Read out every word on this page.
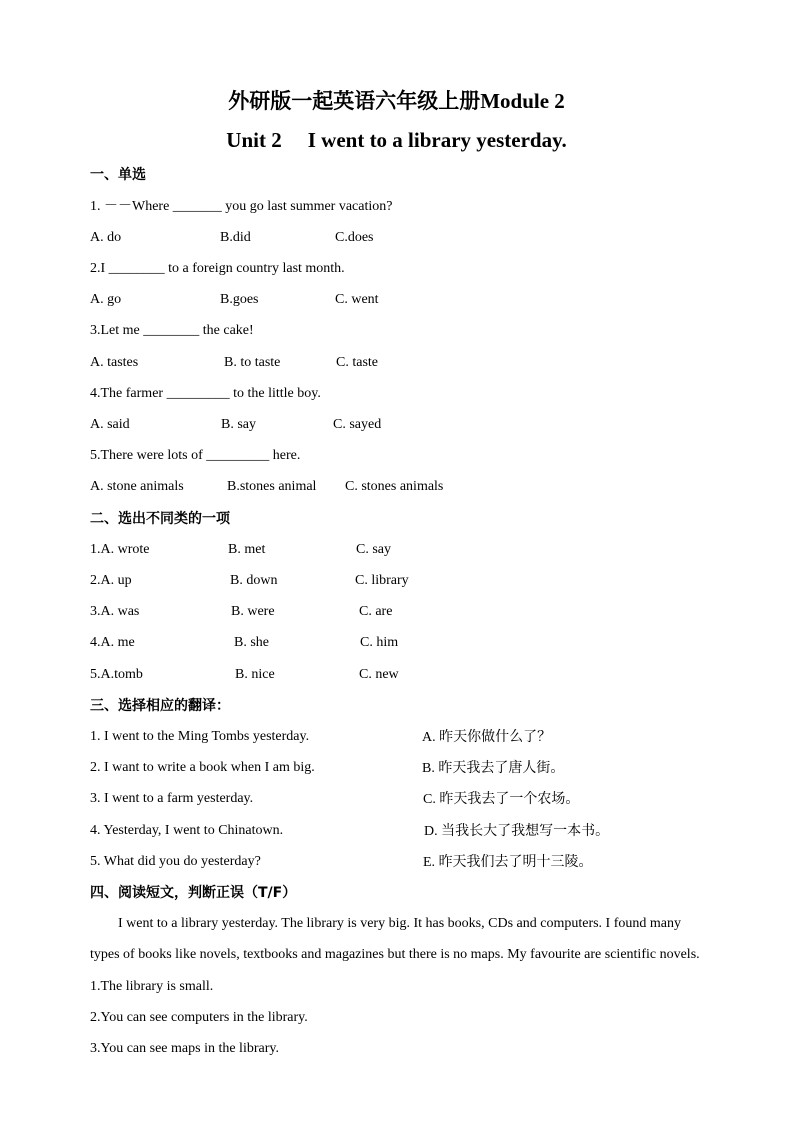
外研版一起英语六年级上册Module 2
Unit 2 I went to a library yesterday.
一、单选
1. －－Where _______ you go last summer vacation?
A. do	B.did	C.does
2.I ________ to a foreign country last month.
A. go	B.goes	C. went
3.Let me ________ the cake!
A. tastes	B. to taste	C. taste
4.The farmer _________ to the little boy.
A. said	B. say	C. sayed
5.There were lots of _________ here.
A. stone animals	B.stones animal C. stones animals
二、选出不同类的一项
1.A. wrote	B. met	C. say
2.A. up	B. down	C. library
3.A. was	B. were	C. are
4.A. me	B. she	C. him
5.A.tomb	B. nice	C. new
三、选择相应的翻译：
1. I went to the Ming Tombs yesterday.	A. 昨天你做什么了？
2. I want to write a book when I am big.	B. 昨天我去了唐人街。
3. I went to a farm yesterday.	C. 昨天我去了一个农场。
4. Yesterday, I went to Chinatown.	D. 当我长大了我想写一本书。
5. What did you do yesterday?	E. 昨天我们去了明十三陵。
四、阅读短文，判断正误（T/F）
I went to a library yesterday. The library is very big. It has books, CDs and computers. I found many types of books like novels, textbooks and magazines but there is no maps. My favourite are scientific novels.
1.The library is small.
2.You can see computers in the library.
3.You can see maps in the library.
